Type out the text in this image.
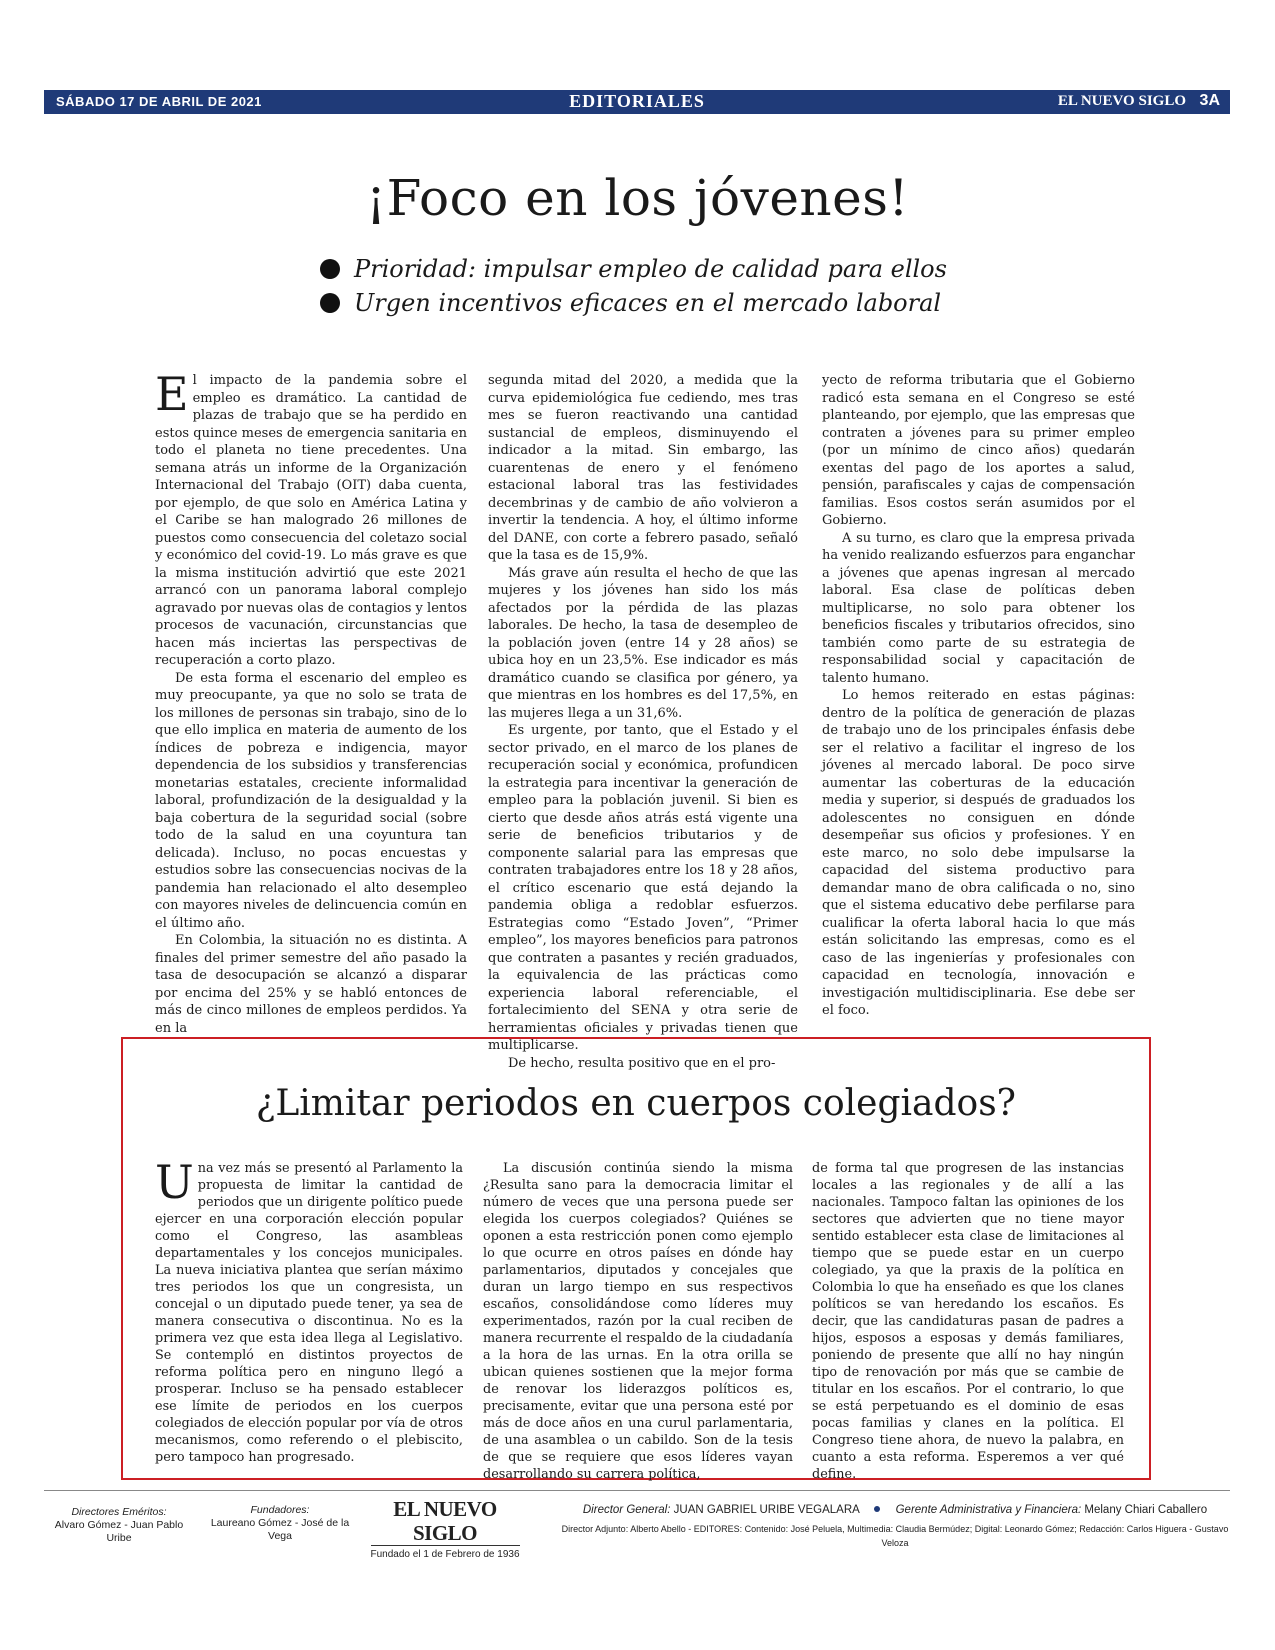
SÁBADO 17 DE ABRIL DE 2021	EDITORIALES	EL NUEVO SIGLO 3A
¡Foco en los jóvenes!
Prioridad: impulsar empleo de calidad para ellos
Urgen incentivos eficaces en el mercado laboral

El impacto de la pandemia sobre el empleo es dramático. La cantidad de plazas de trabajo que se ha perdido en estos quince meses de emergencia sanitaria en todo el planeta no tiene precedentes. Una semana atrás un informe de la Organización Internacional del Trabajo (OIT) daba cuenta, por ejemplo, de que solo en América Latina y el Caribe se han malogrado 26 millones de puestos como consecuencia del coletazo social y económico del covid-19. Lo más grave es que la misma institución advirtió que este 2021 arrancó con un panorama laboral complejo agravado por nuevas olas de contagios y lentos procesos de vacunación, circunstancias que hacen más inciertas las perspectivas de recuperación a corto plazo.

De esta forma el escenario del empleo es muy preocupante, ya que no solo se trata de los millones de personas sin trabajo, sino de lo que ello implica en materia de aumento de los índices de pobreza e indigencia, mayor dependencia de los subsidios y transferencias monetarias estatales, creciente informalidad laboral, profundización de la desigualdad y la baja cobertura de la seguridad social (sobre todo de la salud en una coyuntura tan delicada). Incluso, no pocas encuestas y estudios sobre las consecuencias nocivas de la pandemia han relacionado el alto desempleo con mayores niveles de delincuencia común en el último año.

En Colombia, la situación no es distinta. A finales del primer semestre del año pasado la tasa de desocupación se alcanzó a disparar por encima del 25% y se habló entonces de más de cinco millones de empleos perdidos. Ya en la

segunda mitad del 2020, a medida que la curva epidemiológica fue cediendo, mes tras mes se fueron reactivando una cantidad sustancial de empleos, disminuyendo el indicador a la mitad. Sin embargo, las cuarentenas de enero y el fenómeno estacional laboral tras las festividades decembrinas y de cambio de año volvieron a invertir la tendencia. A hoy, el último informe del DANE, con corte a febrero pasado, señaló que la tasa es de 15,9%.

Más grave aún resulta el hecho de que las mujeres y los jóvenes han sido los más afectados por la pérdida de las plazas laborales. De hecho, la tasa de desempleo de la población joven (entre 14 y 28 años) se ubica hoy en un 23,5%. Ese indicador es más dramático cuando se clasifica por género, ya que mientras en los hombres es del 17,5%, en las mujeres llega a un 31,6%.

Es urgente, por tanto, que el Estado y el sector privado, en el marco de los planes de recuperación social y económica, profundicen la estrategia para incentivar la generación de empleo para la población juvenil. Si bien es cierto que desde años atrás está vigente una serie de beneficios tributarios y de componente salarial para las empresas que contraten trabajadores entre los 18 y 28 años, el crítico escenario que está dejando la pandemia obliga a redoblar esfuerzos. Estrategias como “Estado Joven”, “Primer empleo”, los mayores beneficios para patronos que contraten a pasantes y recién graduados, la equivalencia de las prácticas como experiencia laboral referenciable, el fortalecimiento del SENA y otra serie de herramientas oficiales y privadas tienen que multiplicarse.

De hecho, resulta positivo que en el pro-

yecto de reforma tributaria que el Gobierno radicó esta semana en el Congreso se esté planteando, por ejemplo, que las empresas que contraten a jóvenes para su primer empleo (por un mínimo de cinco años) quedarán exentas del pago de los aportes a salud, pensión, parafiscales y cajas de compensación familias. Esos costos serán asumidos por el Gobierno.

A su turno, es claro que la empresa privada ha venido realizando esfuerzos para enganchar a jóvenes que apenas ingresan al mercado laboral. Esa clase de políticas deben multiplicarse, no solo para obtener los beneficios fiscales y tributarios ofrecidos, sino también como parte de su estrategia de responsabilidad social y capacitación de talento humano.

Lo hemos reiterado en estas páginas: dentro de la política de generación de plazas de trabajo uno de los principales énfasis debe ser el relativo a facilitar el ingreso de los jóvenes al mercado laboral. De poco sirve aumentar las coberturas de la educación media y superior, si después de graduados los adolescentes no consiguen en dónde desempeñar sus oficios y profesiones. Y en este marco, no solo debe impulsarse la capacidad del sistema productivo para demandar mano de obra calificada o no, sino que el sistema educativo debe perfilarse para cualificar la oferta laboral hacia lo que más están solicitando las empresas, como es el caso de las ingenierías y profesionales con capacidad en tecnología, innovación e investigación multidisciplinaria. Ese debe ser el foco.

¿Limitar periodos en cuerpos colegiados?

Una vez más se presentó al Parlamento la propuesta de limitar la cantidad de periodos que un dirigente político puede ejercer en una corporación elección popular como el Congreso, las asambleas departamentales y los concejos municipales. La nueva iniciativa plantea que serían máximo tres periodos los que un congresista, un concejal o un diputado puede tener, ya sea de manera consecutiva o discontinua. No es la primera vez que esta idea llega al Legislativo. Se contempló en distintos proyectos de reforma política pero en ninguno llegó a prosperar. Incluso se ha pensado establecer ese límite de periodos en los cuerpos colegiados de elección popular por vía de otros mecanismos, como referendo o el plebiscito, pero tampoco han progresado.

La discusión continúa siendo la misma ¿Resulta sano para la democracia limitar el número de veces que una persona puede ser elegida los cuerpos colegiados? Quiénes se oponen a esta restricción ponen como ejemplo lo que ocurre en otros países en dónde hay parlamentarios, diputados y concejales que duran un largo tiempo en sus respectivos escaños, consolidándose como líderes muy experimentados, razón por la cual reciben de manera recurrente el respaldo de la ciudadanía a la hora de las urnas. En la otra orilla se ubican quienes sostienen que la mejor forma de renovar los liderazgos políticos es, precisamente, evitar que una persona esté por más de doce años en una curul parlamentaria, de una asamblea o un cabildo. Son de la tesis de que se requiere que esos líderes vayan desarrollando su carrera política,

de forma tal que progresen de las instancias locales a las regionales y de allí a las nacionales. Tampoco faltan las opiniones de los sectores que advierten que no tiene mayor sentido establecer esta clase de limitaciones al tiempo que se puede estar en un cuerpo colegiado, ya que la praxis de la política en Colombia lo que ha enseñado es que los clanes políticos se van heredando los escaños. Es decir, que las candidaturas pasan de padres a hijos, esposos a esposas y demás familiares, poniendo de presente que allí no hay ningún tipo de renovación por más que se cambie de titular en los escaños. Por el contrario, lo que se está perpetuando es el dominio de esas pocas familias y clanes en la política. El Congreso tiene ahora, de nuevo la palabra, en cuanto a esta reforma. Esperemos a ver qué define.

Directores Eméritos:
Alvaro Gómez - Juan Pablo Uribe
Fundadores:
Laureano Gómez - José de la Vega
EL NUEVO SIGLO
Fundado el 1 de Febrero de 1936
Director General: JUAN GABRIEL URIBE VEGALARA	Gerente Administrativa y Financiera: Melany Chiari Caballero
Director Adjunto: Alberto Abello - EDITORES: Contenido: José Peluela, Multimedia: Claudia Bermúdez; Digital: Leonardo Gómez; Redacción: Carlos Higuera - Gustavo Veloza
